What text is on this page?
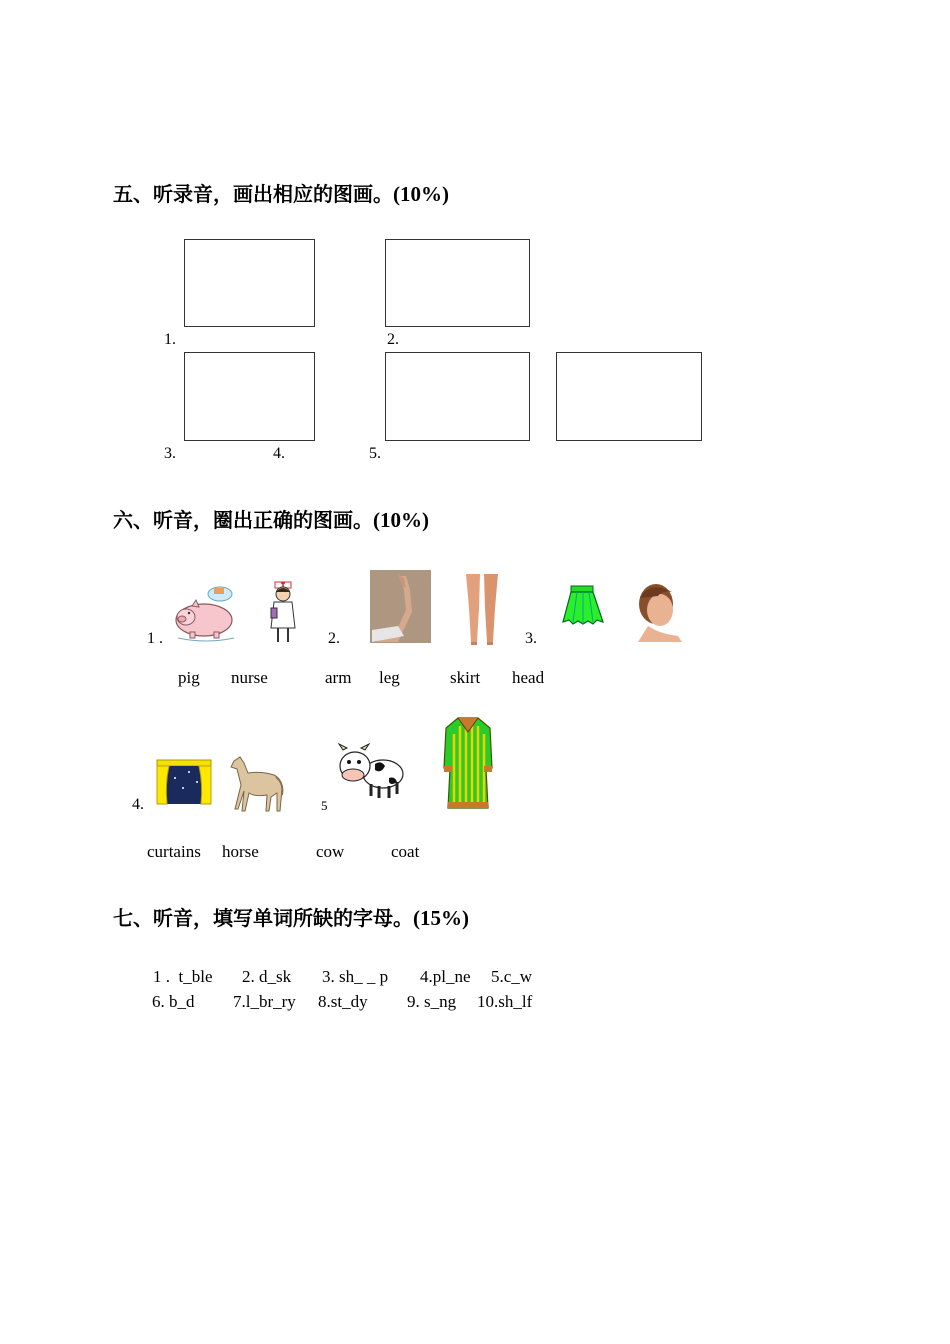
五、听录音，画出相应的图画。(10%)
1.	2.
3.	4.	5.
六、听音，圈出正确的图画。(10%)
1 .	2.	3.
pig nurse	arm leg	skirt head
4.	5
curtains horse	cow	coat
七、听音，填写单词所缺的字母。(15%)
1 .  t_ble 2. d_sk 3. sh_ _ p 4.pl_ne 5.c_w
6. b_d 7.l_br_ry 8.st_dy 9. s_ng 10.sh_lf
